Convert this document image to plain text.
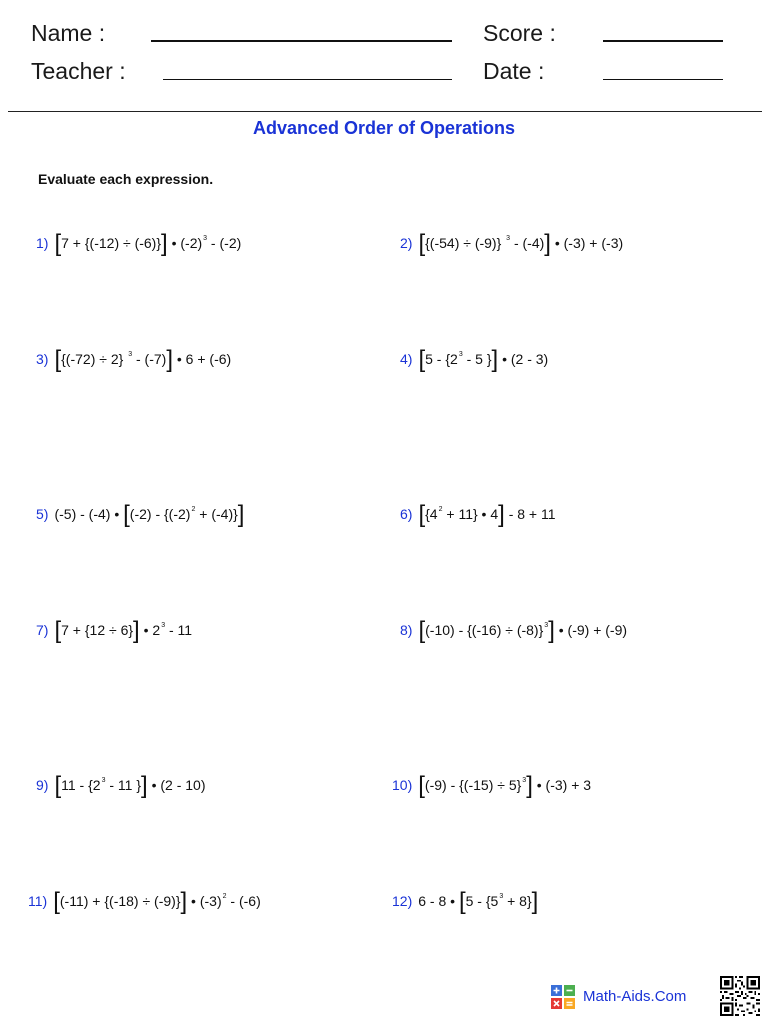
Name :
Teacher :
Score :
Date :
Advanced Order of Operations
Evaluate each expression.
1) [7 + {(-12) ÷ (-6)}] • $(-2)^3 - (-2)$	2) [{(-54) ÷ (-9)} $^3$ - (-4)] • (-3) + (-3)
3) [{(-72) ÷ 2} $^3$ - (-7)] • 6 + (-6)	4) [$5 - \{2^3 - 5$ }] • (2 - 3)
5) (-5) - (-4) • $[(-2) - \{(-2)^2 + (-4)\}]$	6) [$\{4^2 + 11\}$ • 4] - 8 + 11
7) [7 + {12 ÷ 6}] • $2^3 - 11$	8) $[(-10) - \{(-16) \div (-8)\}^3]$ • (-9) + (-9)
9) [$11 - \{2^3 - 11$ }] • (2 - 10)	10) $[(-9) - \{(-15) \div 5\}^3]$ • (-3) + 3
11) [(-11) + {(-18) ÷ (-9)}] • $(-3)^2 - (-6)$	12) 6 - 8 • $[5 - \{5^3 + 8\}]$
Math-Aids.Com
